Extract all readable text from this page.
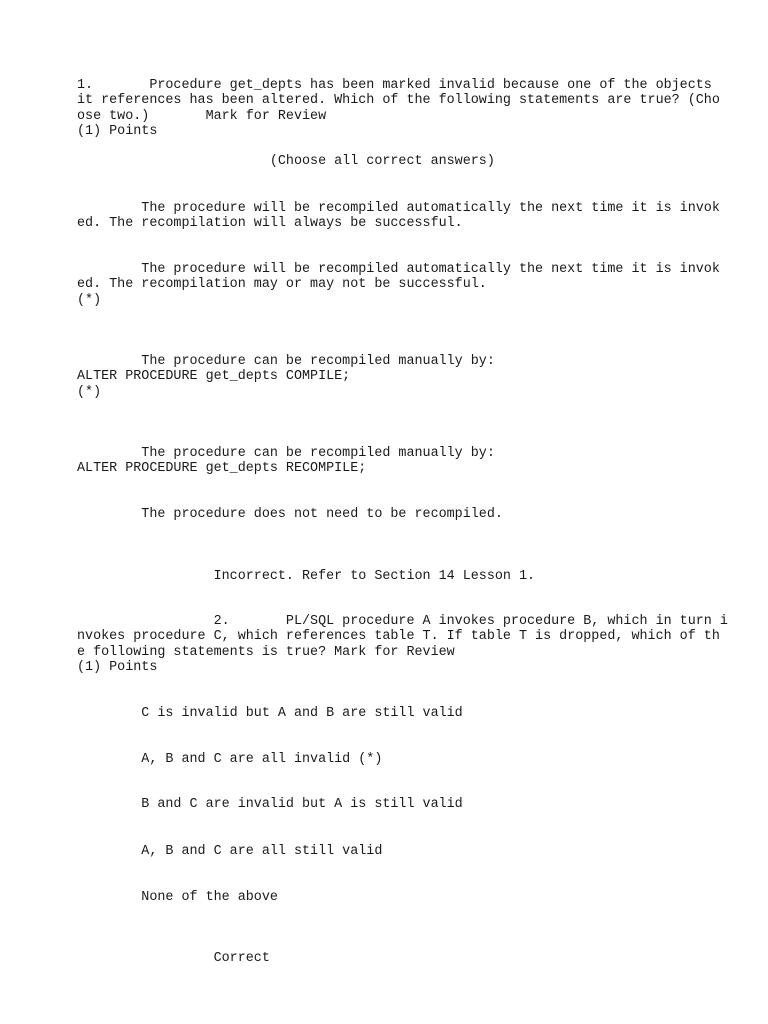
1.       Procedure get_depts has been marked invalid because one of the objects

it references has been altered. Which of the following statements are true? (Cho

ose two.)       Mark for Review

(1) Points

(Choose all correct answers)

The procedure will be recompiled automatically the next time it is invok

ed. The recompilation will always be successful.

The procedure will be recompiled automatically the next time it is invok

ed. The recompilation may or may not be successful.

(*)

The procedure can be recompiled manually by:

ALTER PROCEDURE get_depts COMPILE;

(*)

The procedure can be recompiled manually by:

ALTER PROCEDURE get_depts RECOMPILE;

The procedure does not need to be recompiled.

Incorrect. Refer to Section 14 Lesson 1.

2.       PL/SQL procedure A invokes procedure B, which in turn i

nvokes procedure C, which references table T. If table T is dropped, which of th

e following statements is true? Mark for Review

(1) Points

C is invalid but A and B are still valid

A, B and C are all invalid (*)

B and C are invalid but A is still valid

A, B and C are all still valid

None of the above

Correct
